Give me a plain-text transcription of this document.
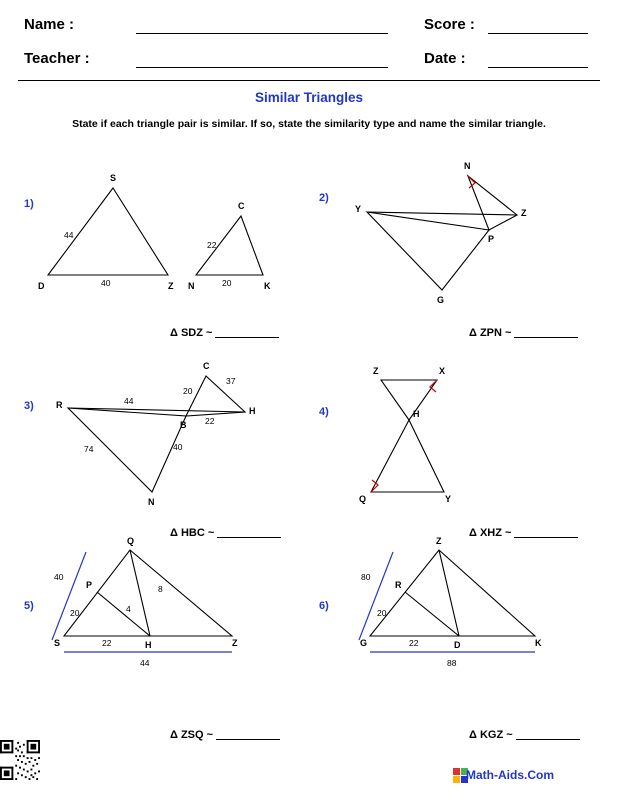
Name :	Score :
Teacher :	Date :
Similar Triangles
State if each triangle pair is similar. If so, state the similarity type and name the similar triangle.
1)
S
D	Z
C
N	K
44
40
22
20
Δ SDZ ~
2)
N
Y	Z
P
G
Δ ZPN ~
3)
C
R
H
B
N
37
20
44
22
40
74
Δ HBC ~
4)
Z	X
H
Q	Y
Δ XHZ ~
5)
Q
P
S	H	Z
40
8
20	4
22
44
Δ ZSQ ~
6)
Z
R
G	D	K
80
20
22
88
Δ KGZ ~
Math-Aids.Com
